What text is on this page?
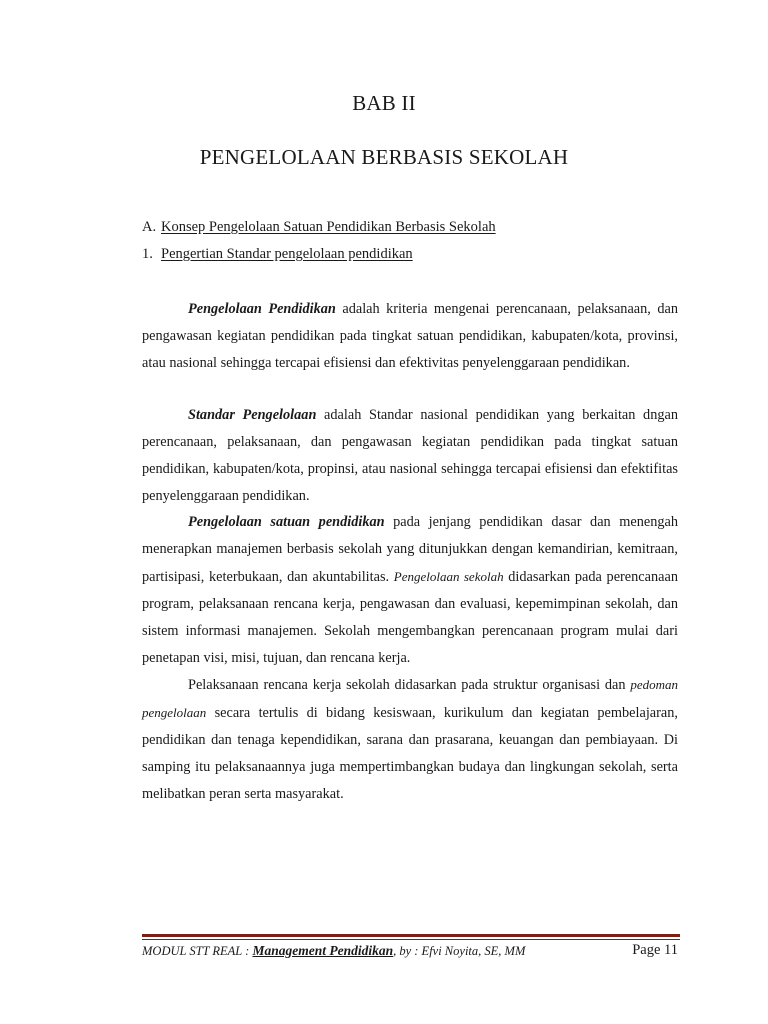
BAB II
PENGELOLAAN BERBASIS SEKOLAH
A. Konsep Pengelolaan Satuan Pendidikan Berbasis Sekolah
1. Pengertian Standar pengelolaan pendidikan
Pengelolaan Pendidikan adalah kriteria mengenai perencanaan, pelaksanaan, dan pengawasan kegiatan pendidikan pada tingkat satuan pendidikan, kabupaten/kota, provinsi, atau nasional sehingga tercapai efisiensi dan efektivitas penyelenggaraan pendidikan.
Standar Pengelolaan adalah Standar nasional pendidikan yang berkaitan dngan perencanaan, pelaksanaan, dan pengawasan kegiatan pendidikan pada tingkat satuan pendidikan, kabupaten/kota, propinsi, atau nasional sehingga tercapai efisiensi dan efektifitas penyelenggaraan pendidikan.
Pengelolaan satuan pendidikan pada jenjang pendidikan dasar dan menengah menerapkan manajemen berbasis sekolah yang ditunjukkan dengan kemandirian, kemitraan, partisipasi, keterbukaan, dan akuntabilitas. Pengelolaan sekolah didasarkan pada perencanaan program, pelaksanaan rencana kerja, pengawasan dan evaluasi, kepemimpinan sekolah, dan sistem informasi manajemen. Sekolah mengembangkan perencanaan program mulai dari penetapan visi, misi, tujuan, dan rencana kerja.
Pelaksanaan rencana kerja sekolah didasarkan pada struktur organisasi dan pedoman pengelolaan secara tertulis di bidang kesiswaan, kurikulum dan kegiatan pembelajaran, pendidikan dan tenaga kependidikan, sarana dan prasarana, keuangan dan pembiayaan. Di samping itu pelaksanaannya juga mempertimbangkan budaya dan lingkungan sekolah, serta melibatkan peran serta masyarakat.
MODUL STT REAL : Management Pendidikan, by : Efvi Noyita, SE, MM	Page 11
